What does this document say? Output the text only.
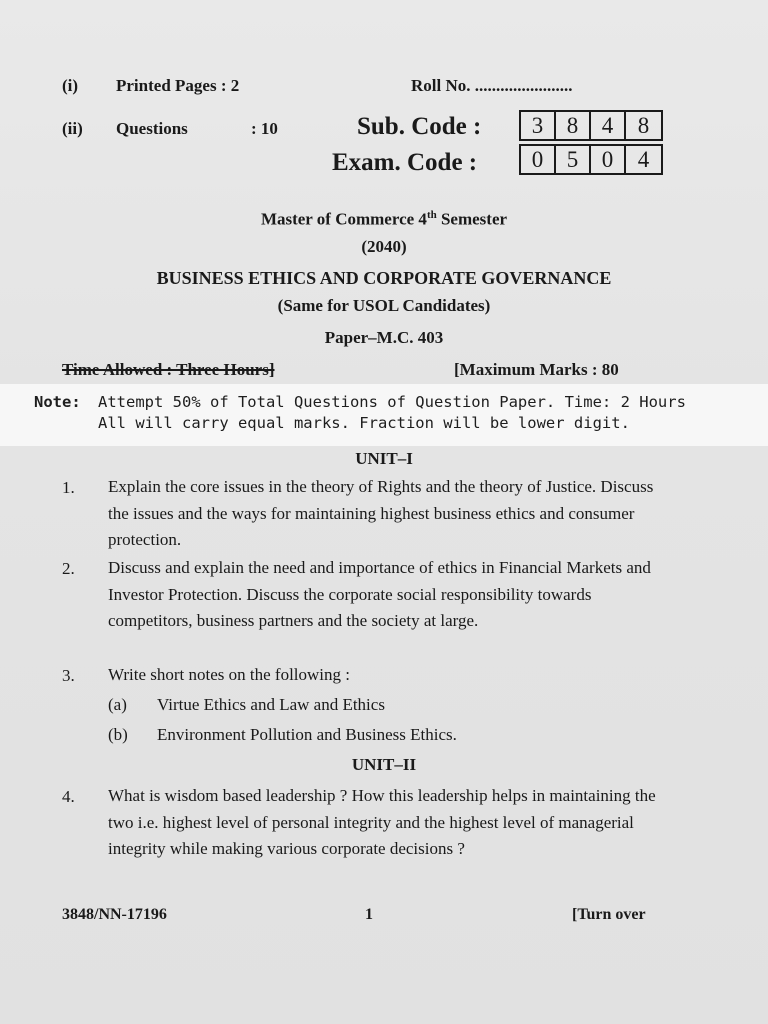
(i) Printed Pages : 2	Roll No. .......................
(ii) Questions	: 10	Sub. Code :	3	8	4	8
Exam. Code :	0	5	0	4
Master of Commerce 4th Semester
(2040)
BUSINESS ETHICS AND CORPORATE GOVERNANCE
(Same for USOL Candidates)
Paper–M.C. 403
Time Allowed : Three Hours]	[Maximum Marks : 80
Note: Attempt 50% of Total Questions of Question Paper. Time: 2 Hours
All will carry equal marks. Fraction will be lower digit.
UNIT–I
1. Explain the core issues in the theory of Rights and the theory of Justice. Discuss the issues and the ways for maintaining highest business ethics and consumer protection.
2. Discuss and explain the need and importance of ethics in Financial Markets and Investor Protection. Discuss the corporate social responsibility towards competitors, business partners and the society at large.
3. Write short notes on the following :
(a) Virtue Ethics and Law and Ethics
(b) Environment Pollution and Business Ethics.
UNIT–II
4. What is wisdom based leadership ? How this leadership helps in maintaining the two i.e. highest level of personal integrity and the highest level of managerial integrity while making various corporate decisions ?
3848/NN-17196	1	[Turn over
